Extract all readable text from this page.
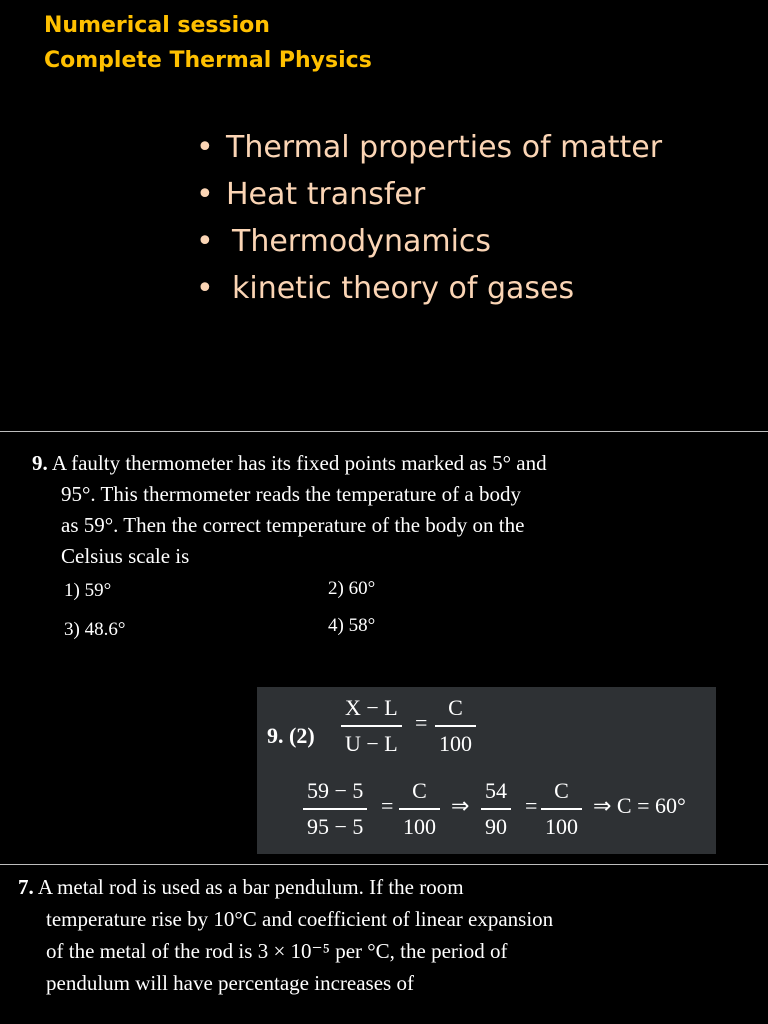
Numerical session
Complete Thermal Physics
• Thermal properties of matter
• Heat transfer
• Thermodynamics
• kinetic theory of gases
9. A faulty thermometer has its fixed points marked as 5° and
95°. This thermometer reads the temperature of a body
as 59°. Then the correct temperature of the body on the
Celsius scale is
1) 59°	2) 60°
3) 48.6°	4) 58°
9. (2)
X − L
U − L
=
C
100
59 − 5
95 − 5
=
C
100
⇒
54
90
=
C
100
⇒ C = 60°
7. A metal rod is used as a bar pendulum. If the room
temperature rise by 10°C and coefficient of linear expansion
of the metal of the rod is 3 × 10⁻⁵ per °C, the period of
pendulum will have percentage increases of
